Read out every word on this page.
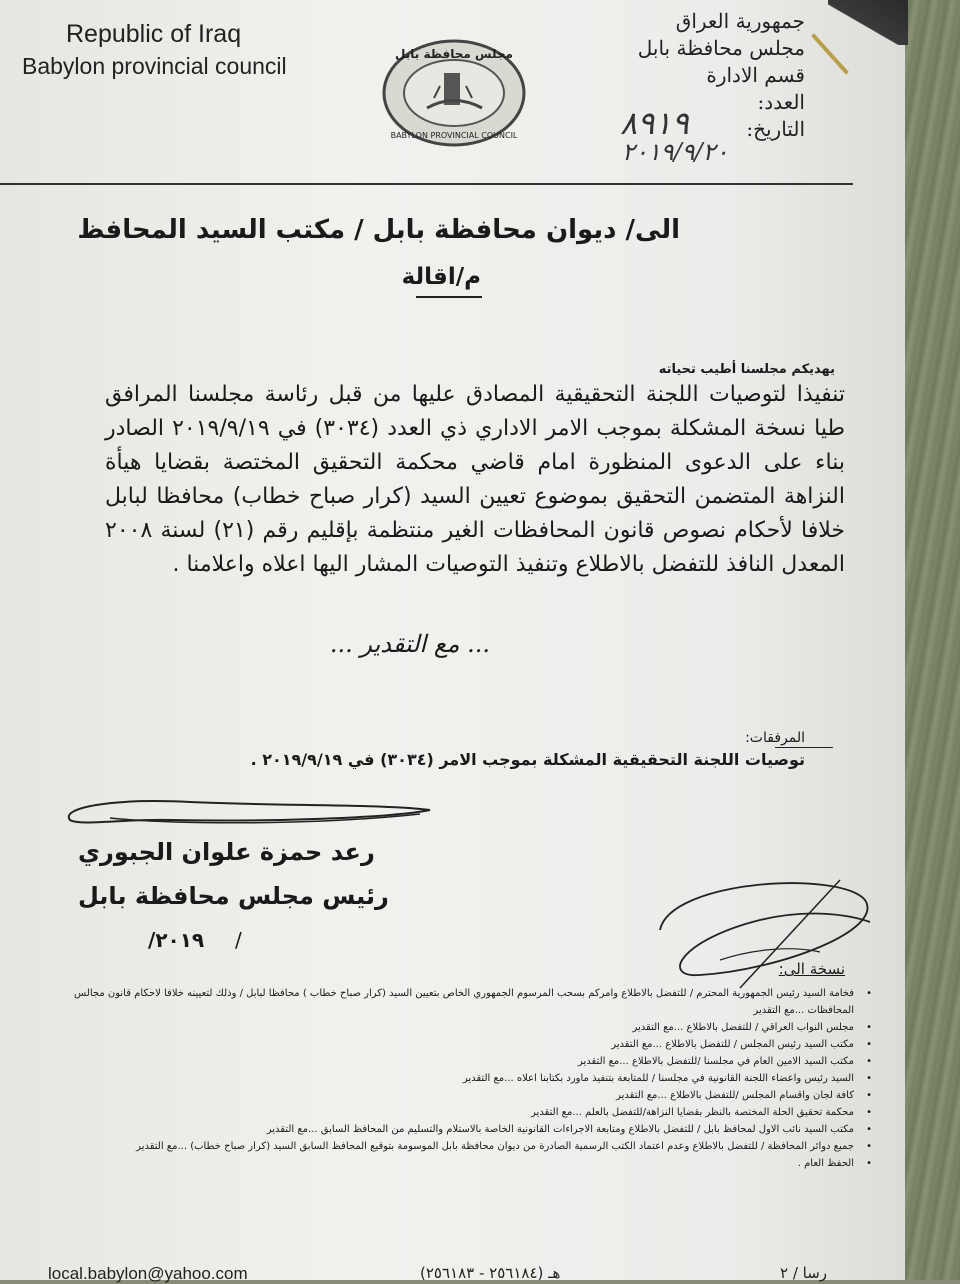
Republic of Iraq
Babylon provincial council	مجلس محافظة بابل
BABYLON PROVINCIAL COUNCIL
جمهورية العراق
مجلس محافظة بابل
قسم الادارة
العدد:
التاريخ:
٨٩١٩
٢٠١٩/٩/٢٠
الى/ ديوان محافظة بابل / مكتب السيد المحافظ
م/اقالة
يهديكم مجلسنا أطيب تحياته
تنفيذا لتوصيات اللجنة التحقيقية المصادق عليها من قبل رئاسة مجلسنا المرافق طيا نسخة المشكلة بموجب الامر الاداري ذي العدد (٣٠٣٤) في ٢٠١٩/٩/١٩ الصادر بناء على الدعوى المنظورة امام قاضي محكمة التحقيق المختصة بقضايا هيأة النزاهة المتضمن التحقيق بموضوع تعيين السيد (كرار صباح خطاب) محافظا لبابل خلافا لأحكام نصوص قانون المحافظات الغير منتظمة بإقليم رقم (٢١) لسنة ٢٠٠٨ المعدل النافذ للتفضل بالاطلاع وتنفيذ التوصيات المشار اليها اعلاه واعلامنا .
... مع التقدير ...
المرفقات:
توصيات اللجنة التحقيقية المشكلة بموجب الامر (٣٠٣٤) في ٢٠١٩/٩/١٩ .
رعد حمزة علوان الجبوري
رئيس مجلس محافظة بابل
٢٠١٩/ /
نسخة الى:
•
فخامة السيد رئيس الجمهورية المحترم / للتفضل بالاطلاع وامركم بسحب المرسوم الجمهوري الخاص بتعيين السيد (كرار صباح خطاب ) محافظا لبابل / وذلك لتعيينه خلافا لاحكام قانون مجالس المحافظات ...مع التقدير
•
مجلس النواب العراقي / للتفضل بالاطلاع ...مع التقدير
•
مكتب السيد رئيس المجلس / للتفضل بالاطلاع ...مع التقدير
•
مكتب السيد الامين العام في مجلسنا /للتفضل بالاطلاع ...مع التقدير
•
السيد رئيس واعضاء اللجنة القانونية في مجلسنا / للمتابعة بتنفيذ ماورد بكتابنا اعلاه ...مع التقدير
•
كافة لجان واقسام المجلس /للتفضل بالاطلاع ...مع التقدير
•
محكمة تحقيق الحلة المختصة بالنظر بقضايا النزاهة/للتفضل بالعلم ...مع التقدير
•
مكتب السيد نائب الاول لمحافظ بابل / للتفضل بالاطلاع ومتابعة الاجراءات القانونية الخاصة بالاستلام والتسليم من المحافظ السابق ...مع التقدير
•
جميع دوائر المحافظة / للتفضل بالاطلاع وعدم اعتماد الكتب الرسمية الصادرة من ديوان محافظة بابل الموسومة بتوقيع المحافظ السابق السيد (كرار صباح خطاب) ...مع التقدير
•
الحفظ العام .
local.babylon@yahoo.com	هـ (٢٥٦١٨٤ - ٢٥٦١٨٣)	رسا / ٢
